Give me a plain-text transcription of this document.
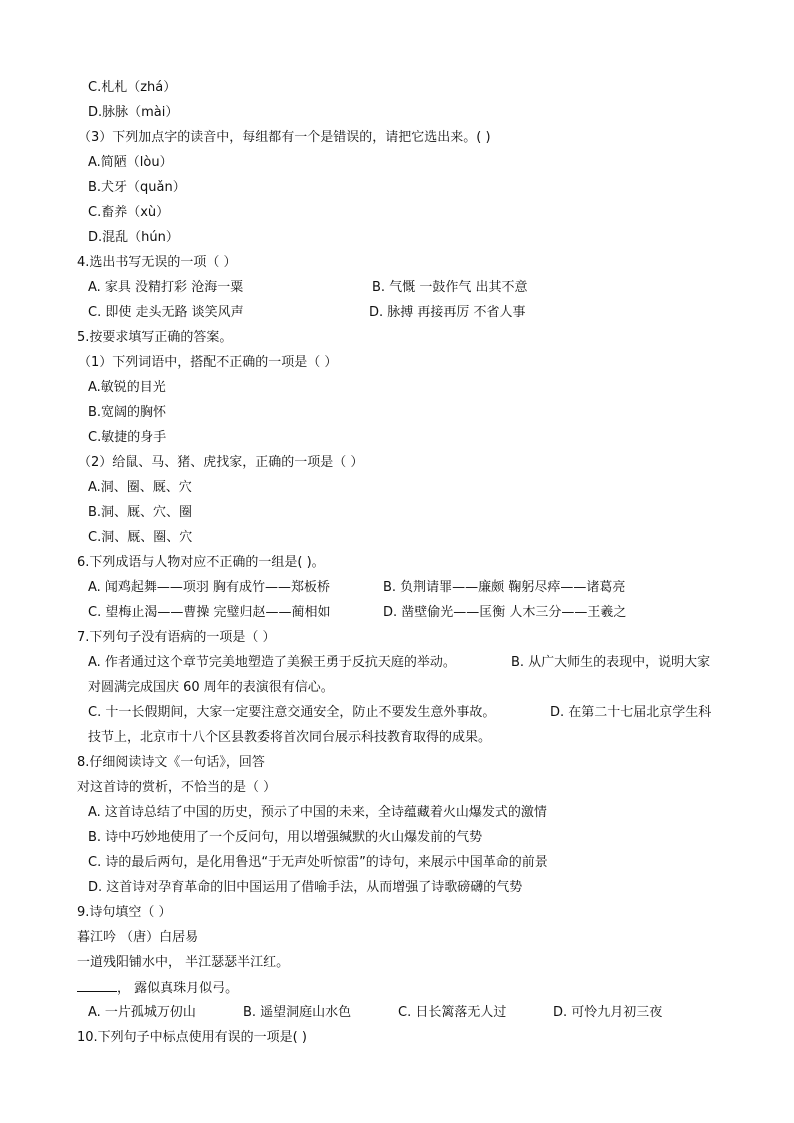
C.札札（zhá）
D.脉脉（mài）
（3）下列加点字的读音中，每组都有一个是错误的，请把它选出来。( )
A.简陋（lòu）
B.犬牙（quǎn）
C.畜养（xù）
D.混乱（hún）
4.选出书写无误的一项（ ）
A. 家具 没精打彩 沧海一粟	B. 气慨 一鼓作气 出其不意
C. 即使 走头无路 谈笑风声	D. 脉搏 再接再厉 不省人事
5.按要求填写正确的答案。
（1）下列词语中，搭配不正确的一项是（ ）
A.敏锐的目光
B.宽阔的胸怀
C.敏捷的身手
（2）给鼠、马、猪、虎找家，正确的一项是（ ）
A.洞、圈、厩、穴
B.洞、厩、穴、圈
C.洞、厩、圈、穴
6.下列成语与人物对应不正确的一组是( )。
A. 闻鸡起舞——项羽 胸有成竹——郑板桥	B. 负荆请罪——廉颇 鞠躬尽瘁——诸葛亮
C. 望梅止渴——曹操 完璧归赵——蔺相如	D. 凿壁偷光——匡衡 人木三分——王羲之
7.下列句子没有语病的一项是（ ）
A. 作者通过这个章节完美地塑造了美猴王勇于反抗天庭的举动。	B. 从广大师生的表现中，说明大家
对圆满完成国庆 60 周年的表演很有信心。
C. 十一长假期间，大家一定要注意交通安全，防止不要发生意外事故。	D. 在第二十七届北京学生科
技节上，北京市十八个区县教委将首次同台展示科技教育取得的成果。
8.仔细阅读诗文《一句话》，回答
对这首诗的赏析，不恰当的是（ ）
A. 这首诗总结了中国的历史，预示了中国的未来，全诗蕴藏着火山爆发式的激情
B. 诗中巧妙地使用了一个反问句，用以增强缄默的火山爆发前的气势
C. 诗的最后两句，是化用鲁迅“于无声处听惊雷”的诗句，来展示中国革命的前景
D. 这首诗对孕育革命的旧中国运用了借喻手法，从而增强了诗歌磅礴的气势
9.诗句填空（ ）
暮江吟 （唐）白居易
一道残阳铺水中， 半江瑟瑟半江红。
， 露似真珠月似弓。
A. 一片孤城万仞山	B. 遥望洞庭山水色	C. 日长篱落无人过	D. 可怜九月初三夜
10.下列句子中标点使用有误的一项是( )
